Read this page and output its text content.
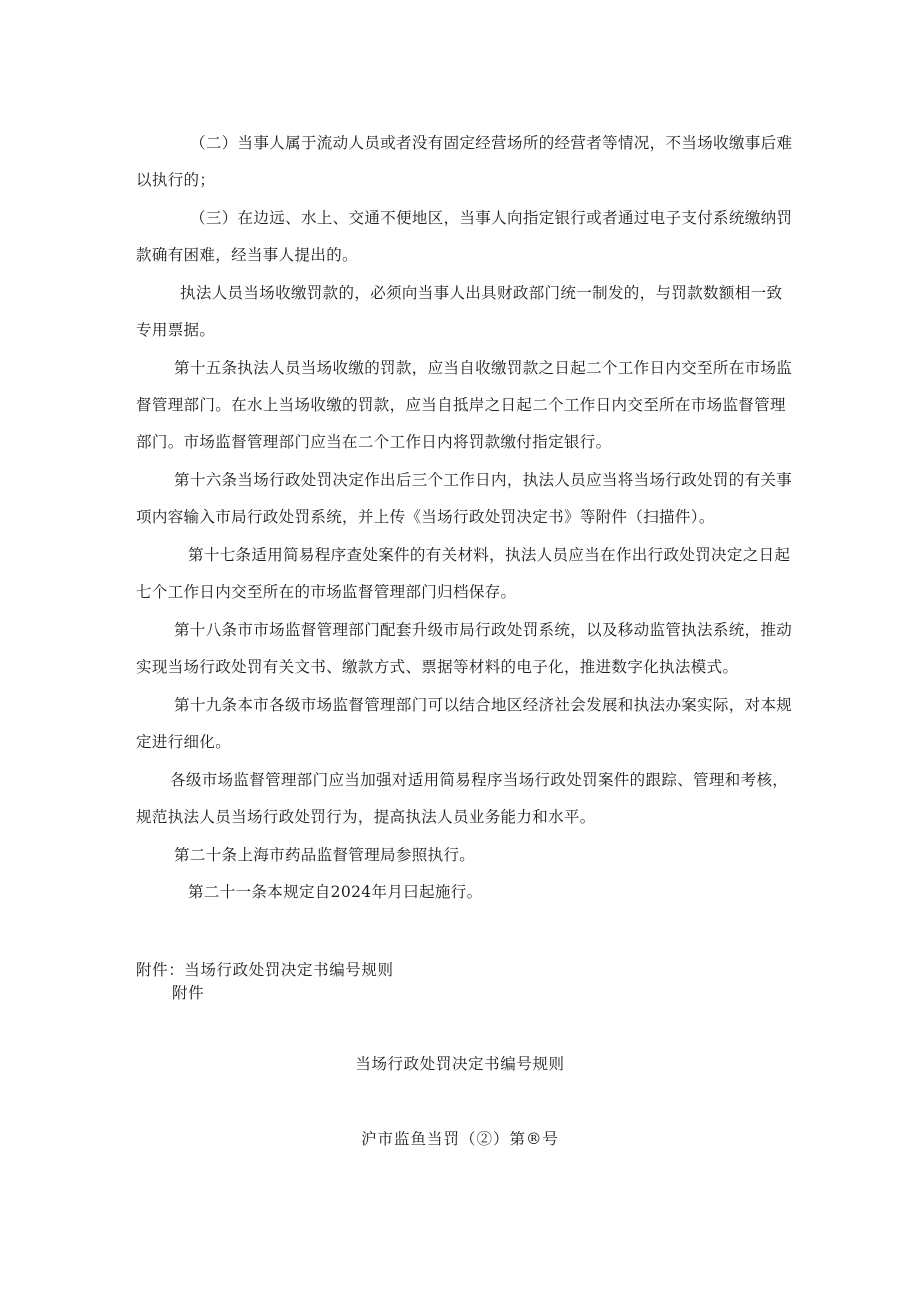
（二）当事人属于流动人员或者没有固定经营场所的经营者等情况，不当场收缴事后难
以执行的；
（三）在边远、水上、交通不便地区，当事人向指定银行或者通过电子支付系统缴纳罚
款确有困难，经当事人提出的。
执法人员当场收缴罚款的，必须向当事人出具财政部门统一制发的，与罚款数额相一致
专用票据。
第十五条执法人员当场收缴的罚款，应当自收缴罚款之日起二个工作日内交至所在市场监
督管理部门。在水上当场收缴的罚款，应当自抵岸之日起二个工作日内交至所在市场监督管理
部门。市场监督管理部门应当在二个工作日内将罚款缴付指定银行。
第十六条当场行政处罚决定作出后三个工作日内，执法人员应当将当场行政处罚的有关事
项内容输入市局行政处罚系统，并上传《当场行政处罚决定书》等附件（扫描件）。
第十七条适用简易程序查处案件的有关材料，执法人员应当在作出行政处罚决定之日起
七个工作日内交至所在的市场监督管理部门归档保存。
第十八条市市场监督管理部门配套升级市局行政处罚系统，以及移动监管执法系统，推动
实现当场行政处罚有关文书、缴款方式、票据等材料的电子化，推进数字化执法模式。
第十九条本市各级市场监督管理部门可以结合地区经济社会发展和执法办案实际，对本规
定进行细化。
各级市场监督管理部门应当加强对适用简易程序当场行政处罚案件的跟踪、管理和考核，
规范执法人员当场行政处罚行为，提高执法人员业务能力和水平。
第二十条上海市药品监督管理局参照执行。
第二十一条本规定自2024年月曰起施行。
附件：当场行政处罚决定书编号规则
附件
当场行政处罚决定书编号规则
沪市监鱼当罚（②）第®号
